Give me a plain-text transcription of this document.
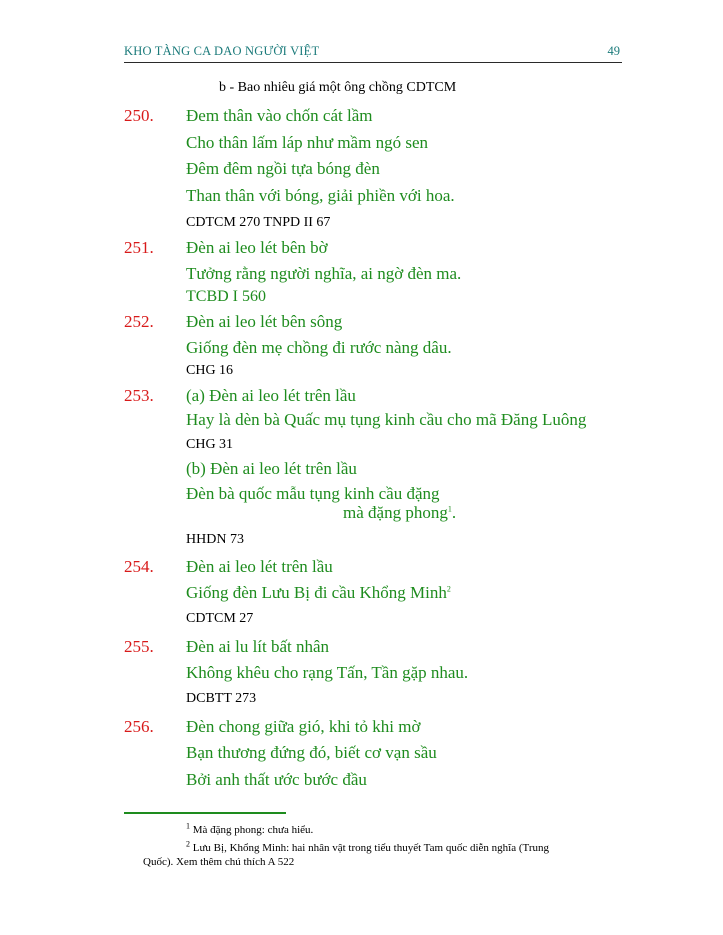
KHO TÀNG CA DAO NGƯỜI VIỆT	49
b - Bao nhiêu giá một ông chồng CDTCM
250. Đem thân vào chốn cát lầm
Cho thân lấm láp như mầm ngó sen
Đêm đêm ngồi tựa bóng đèn
Than thân với bóng, giải phiền với hoa.
CDTCM 270 TNPD II 67
251. Đèn ai leo lét bên bờ
Tưởng rằng người nghĩa, ai ngờ đèn ma.
TCBD I 560
252. Đèn ai leo lét bên sông
Giống đèn mẹ chồng đi rước nàng dâu.
CHG 16
253. (a) Đèn ai leo lét trên lầu
Hay là dèn bà Quấc mụ tụng kinh cầu cho mã Đăng Luông
CHG 31
(b) Đèn ai leo lét trên lầu
Đèn bà quốc mẫu tụng kinh cầu đặng
mà đặng phong$^1$.
HHDN 73
254. Đèn ai leo lét trên lầu
Giống đèn Lưu Bị đi cầu Khổng Minh$^2$
CDTCM 27
255. Đèn ai lu lít bất nhân
Không khêu cho rạng Tấn, Tần gặp nhau.
DCBTT 273
256. Đèn chong giữa gió, khi tỏ khi mờ
Bạn thương đứng đó, biết cơ vạn sầu
Bởi anh thất ước bước đầu
$^1$ Mà đặng phong: chưa hiểu.
$^2$ Lưu Bị, Khổng Minh: hai nhân vật trong tiểu thuyết Tam quốc diễn nghĩa (Trung
Quốc). Xem thêm chú thích A 522
